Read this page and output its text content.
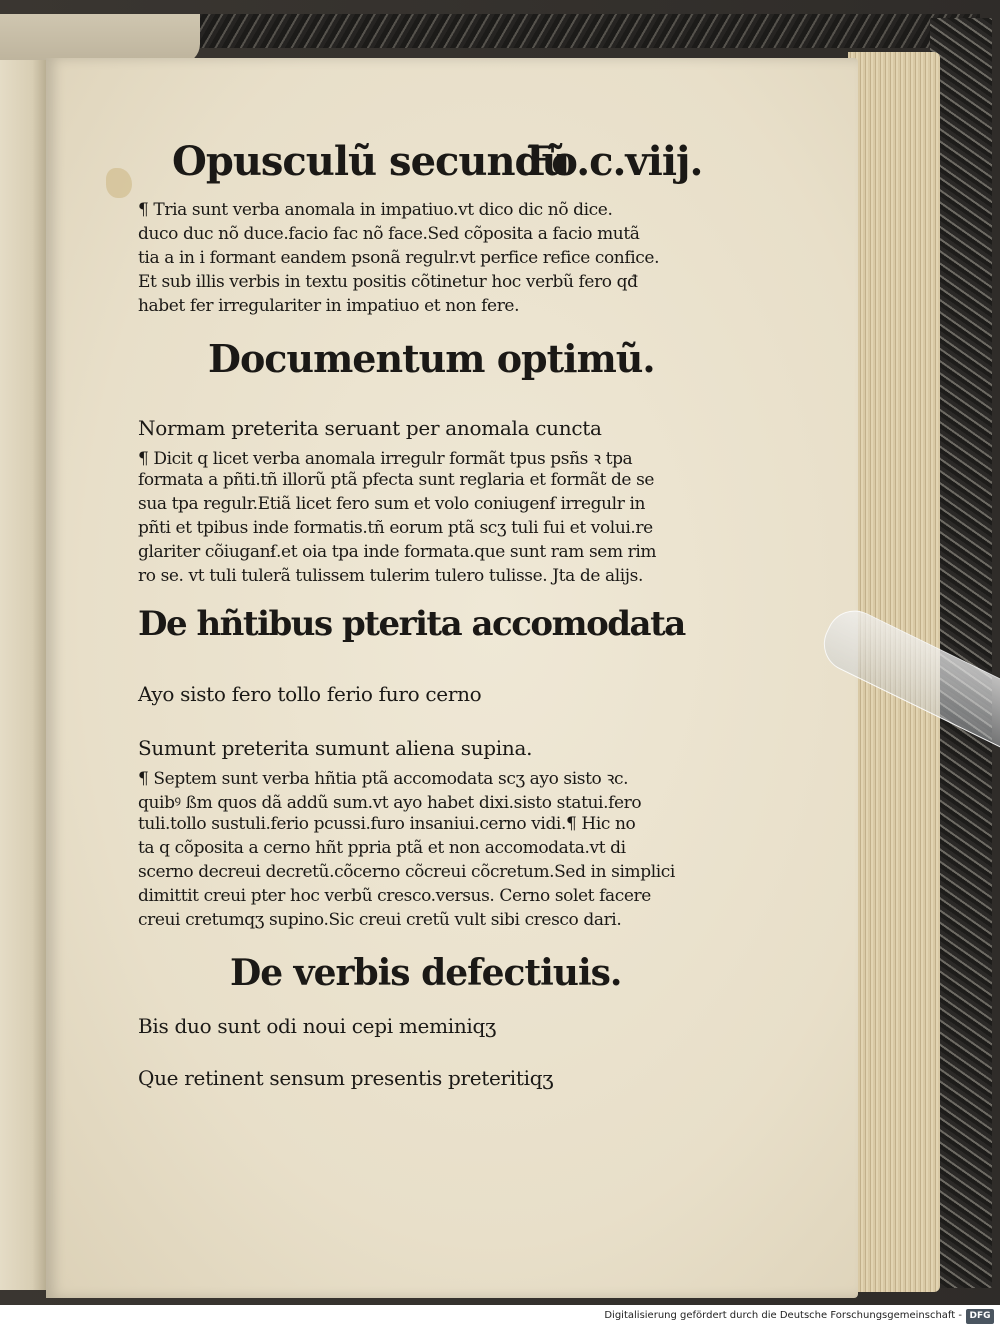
Opusculũ secundũ
Fo.c.viij.
¶ Tria sunt verba anomala in impatiuo.vt dico dic nõ dice.
duco duc nõ duce.facio fac nõ face.Sed cõposita a facio mutã
tia a in i formant eandem psonã regulr.vt perfice refice confice.
Et sub illis verbis in textu positis cõtinetur hoc verbũ fero qđ
habet fer irregulariter in impatiuo et non fere.
Documentum optimũ.
Normam preterita seruant per anomala cuncta
¶ Dicit q licet verba anomala irregulr formãt tpus psñs ꝛ tpa
formata a pñti.tñ illorũ ptã pfecta sunt reglaria et formãt de se
sua tpa regulr.Etiã licet fero sum et volo coniugenẜ irregulr in
pñti et tpibus inde formatis.tñ eorum ptã scʒ tuli fui et volui.re
glariter cõiuganẜ.et oia tpa inde formata.que sunt ram sem rim
ro se. vt tuli tulerã tulissem tulerim tulero tulisse. Jta de alijs.
De hñtibus pterita accomodata
Ayo sisto fero tollo ferio furo cerno
Sumunt preterita sumunt aliena supina.
¶ Septem sunt verba hñtia ptã accomodata scʒ ayo sisto ꝛc.
quibꝰ ßm quos dã addũ sum.vt ayo habet dixi.sisto statui.fero
tuli.tollo sustuli.ferio pcussi.furo insaniui.cerno vidi.¶ Hic no
ta q cõposita a cerno hñt ppria ptã et non accomodata.vt di
scerno decreui decretũ.cõcerno cõcreui cõcretum.Sed in simplici
dimittit creui pter hoc verbũ cresco.versus. Cerno solet facere
creui cretumqʒ supino.Sic creui cretũ vult sibi cresco dari.
De verbis defectiuis.
Bis duo sunt odi noui cepi meminiqʒ
Que retinent sensum presentis preteritiqʒ
Digitalisierung gefördert durch die Deutsche Forschungsgemeinschaft - DFG
